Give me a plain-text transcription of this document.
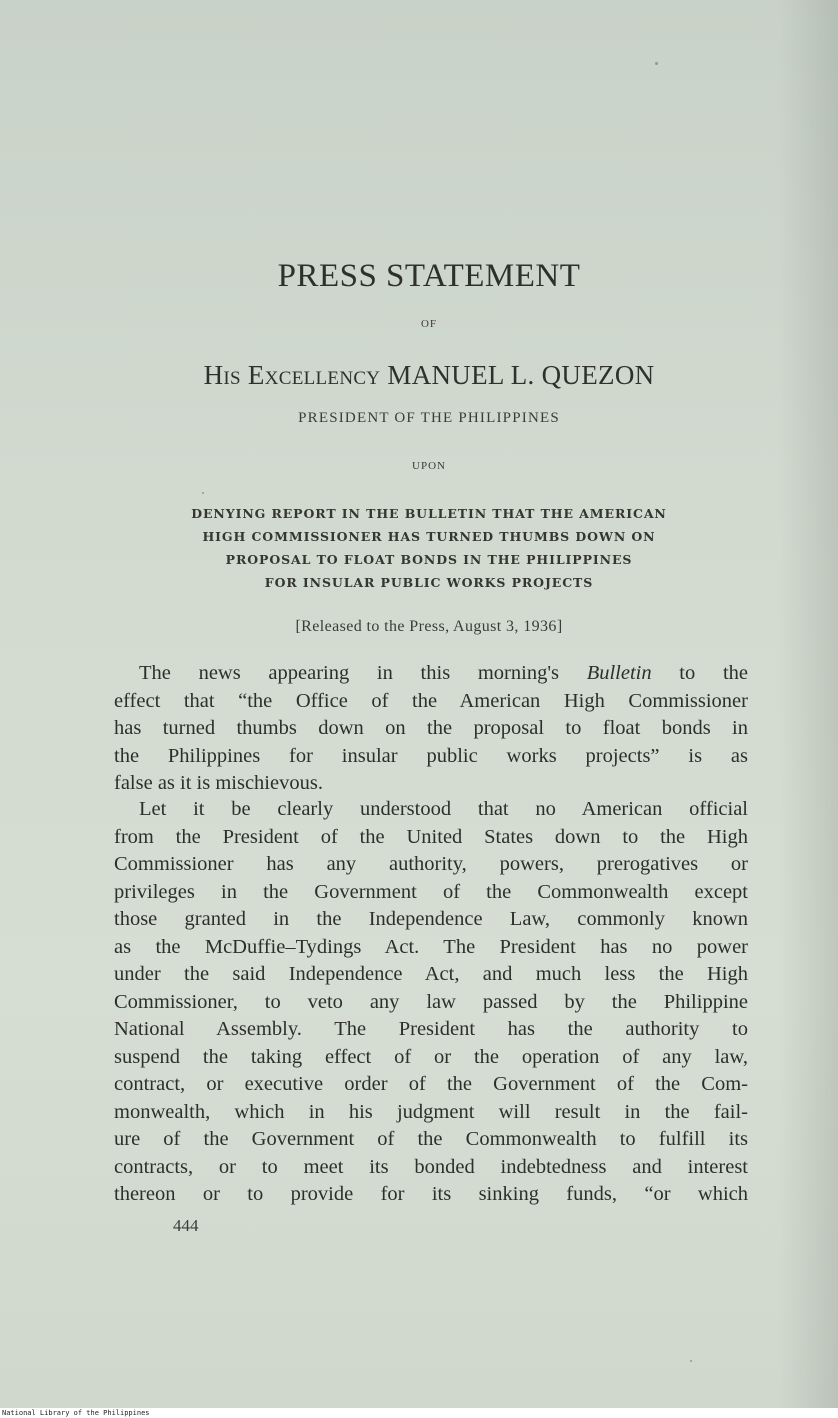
PRESS STATEMENT
OF
His Excellency MANUEL L. QUEZON
PRESIDENT OF THE PHILIPPINES
UPON
DENYING REPORT IN THE BULLETIN THAT THE AMERICAN
HIGH COMMISSIONER HAS TURNED THUMBS DOWN ON
PROPOSAL TO FLOAT BONDS IN THE PHILIPPINES
FOR INSULAR PUBLIC WORKS PROJECTS
[Released to the Press, August 3, 1936]
The news appearing in this morning's Bulletin to the
effect that “the Office of the American High Commissioner
has turned thumbs down on the proposal to float bonds in
the Philippines for insular public works projects” is as
false as it is mischievous.
Let it be clearly understood that no American official
from the President of the United States down to the High
Commissioner has any authority, powers, prerogatives or
privileges in the Government of the Commonwealth except
those granted in the Independence Law, commonly known
as the McDuffie–Tydings Act. The President has no power
under the said Independence Act, and much less the High
Commissioner, to veto any law passed by the Philippine
National Assembly. The President has the authority to
suspend the taking effect of or the operation of any law,
contract, or executive order of the Government of the Com-
monwealth, which in his judgment will result in the fail-
ure of the Government of the Commonwealth to fulfill its
contracts, or to meet its bonded indebtedness and interest
thereon or to provide for its sinking funds, “or which
444
National Library of the Philippines
